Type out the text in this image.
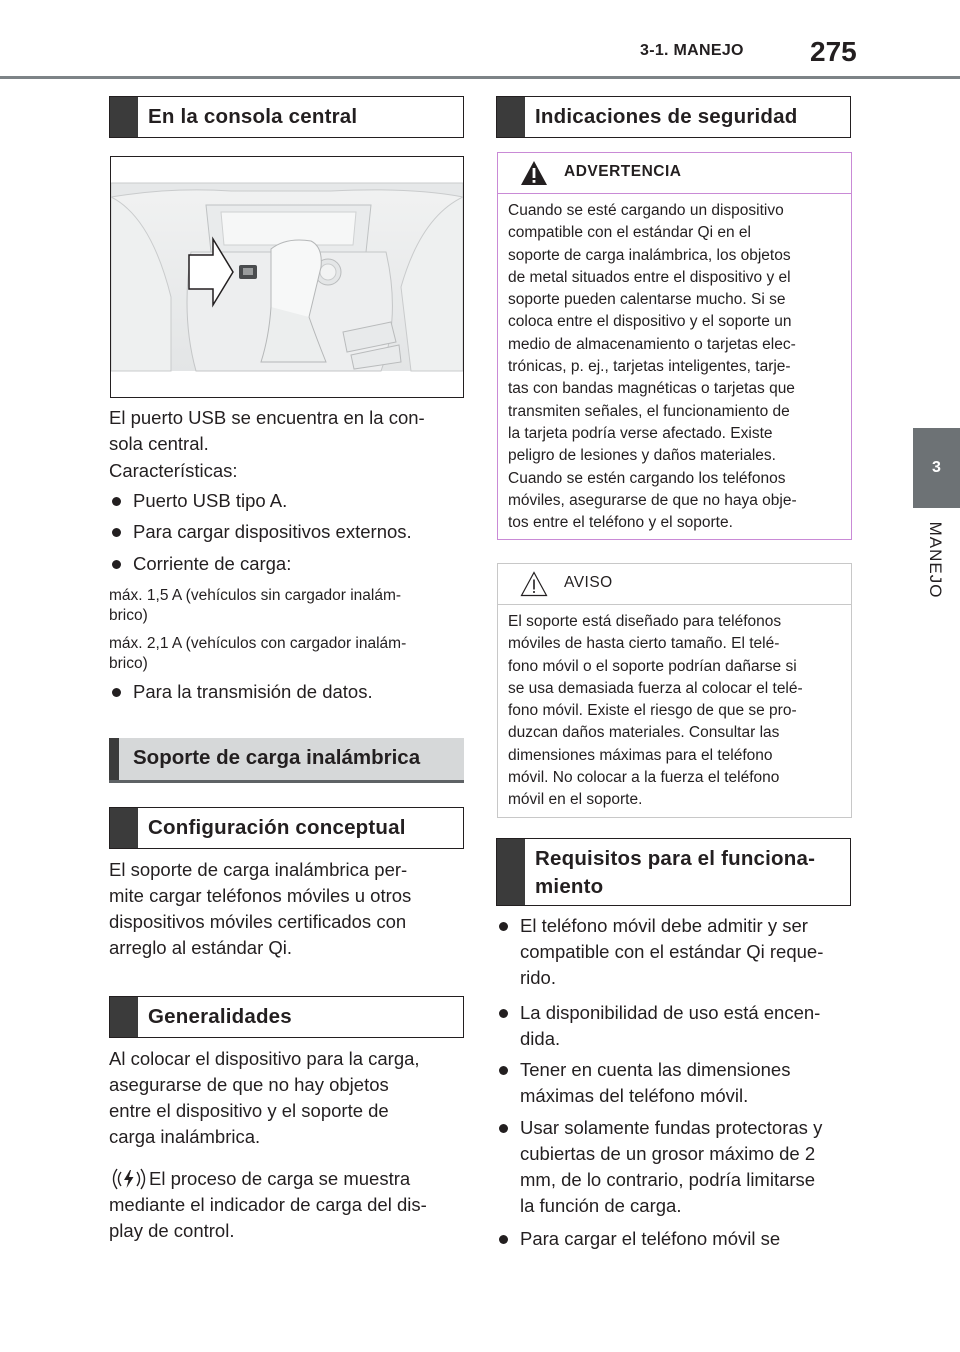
3-1. MANEJO 275
3
MANEJO
En la consola central
El puerto USB se encuentra en la con-
sola central.
Características:
Puerto USB tipo A.
Para cargar dispositivos externos.
Corriente de carga:
máx. 1,5 A (vehículos sin cargador inalám-
brico)
máx. 2,1 A (vehículos con cargador inalám-
brico)
Para la transmisión de datos.
Soporte de carga inalámbrica
Configuración conceptual
El soporte de carga inalámbrica per-
mite cargar teléfonos móviles u otros
dispositivos móviles certificados con
arreglo al estándar Qi.
Generalidades
Al colocar el dispositivo para la carga,
asegurarse de que no hay objetos
entre el dispositivo y el soporte de
carga inalámbrica.
El proceso de carga se muestra
mediante el indicador de carga del dis-
play de control.
Indicaciones de seguridad
ADVERTENCIA
Cuando se esté cargando un dispositivo
compatible con el estándar Qi en el
soporte de carga inalámbrica, los objetos
de metal situados entre el dispositivo y el
soporte pueden calentarse mucho. Si se
coloca entre el dispositivo y el soporte un
medio de almacenamiento o tarjetas elec-
trónicas, p. ej., tarjetas inteligentes, tarje-
tas con bandas magnéticas o tarjetas que
transmiten señales, el funcionamiento de
la tarjeta podría verse afectado. Existe
peligro de lesiones y daños materiales.
Cuando se estén cargando los teléfonos
móviles, asegurarse de que no haya obje-
tos entre el teléfono y el soporte.
AVISO
El soporte está diseñado para teléfonos
móviles de hasta cierto tamaño. El telé-
fono móvil o el soporte podrían dañarse si
se usa demasiada fuerza al colocar el telé-
fono móvil. Existe el riesgo de que se pro-
duzcan daños materiales. Consultar las
dimensiones máximas para el teléfono
móvil. No colocar a la fuerza el teléfono
móvil en el soporte.
Requisitos para el funciona-
miento
El teléfono móvil debe admitir y ser
compatible con el estándar Qi reque-
rido.
La disponibilidad de uso está encen-
dida.
Tener en cuenta las dimensiones
máximas del teléfono móvil.
Usar solamente fundas protectoras y
cubiertas de un grosor máximo de 2
mm, de lo contrario, podría limitarse
la función de carga.
Para cargar el teléfono móvil se
